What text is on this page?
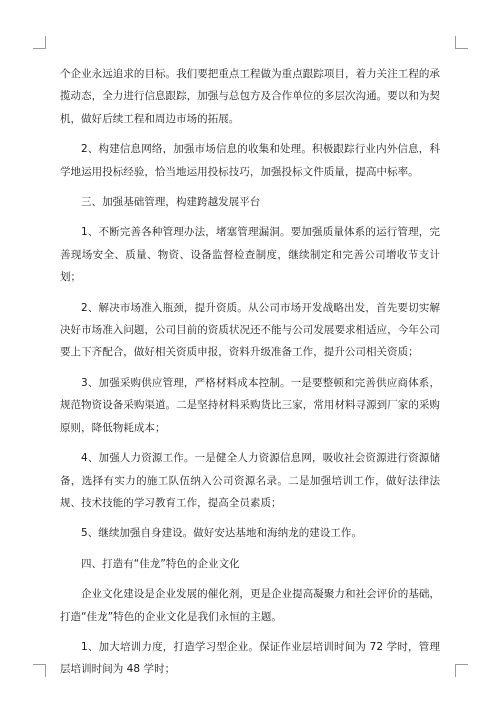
个企业永远追求的目标。我们要把重点工程做为重点跟踪项目，着力关注工程的承揽动态，全力进行信息跟踪，加强与总包方及合作单位的多层次沟通。要以和为契机，做好后续工程和周边市场的拓展。

2、构建信息网络，加强市场信息的收集和处理。积极跟踪行业内外信息，科学地运用投标经验，恰当地运用投标技巧，加强投标文件质量，提高中标率。

三、加强基础管理，构建跨越发展平台

1、不断完善各种管理办法，堵塞管理漏洞。要加强质量体系的运行管理，完善现场安全、质量、物资、设备监督检查制度，继续制定和完善公司增收节支计划；

2、解决市场准入瓶颈，提升资质。从公司市场开发战略出发，首先要切实解决好市场准入问题，公司目前的资质状况还不能与公司发展要求相适应，今年公司要上下齐配合，做好相关资质申报，资料升级准备工作，提升公司相关资质；

3、加强采购供应管理，严格材料成本控制。一是要整顿和完善供应商体系，规范物资设备采购渠道。二是坚持材料采购货比三家，常用材料寻源到厂家的采购原则，降低物耗成本；

4、加强人力资源工作。一是健全人力资源信息网，吸收社会资源进行资源储备，选择有实力的施工队伍纳入公司资源名录。二是加强培训工作，做好法律法规、技术技能的学习教育工作，提高全员素质；

5、继续加强自身建设。做好安达基地和海纳龙的建设工作。

四、打造有“佳龙”特色的企业文化

企业文化建设是企业发展的催化剂，更是企业提高凝聚力和社会评价的基础，打造“佳龙”特色的企业文化是我们永恒的主题。

1、加大培训力度，打造学习型企业。保证作业层培训时间为 72 学时，管理层培训时间为 48 学时；
